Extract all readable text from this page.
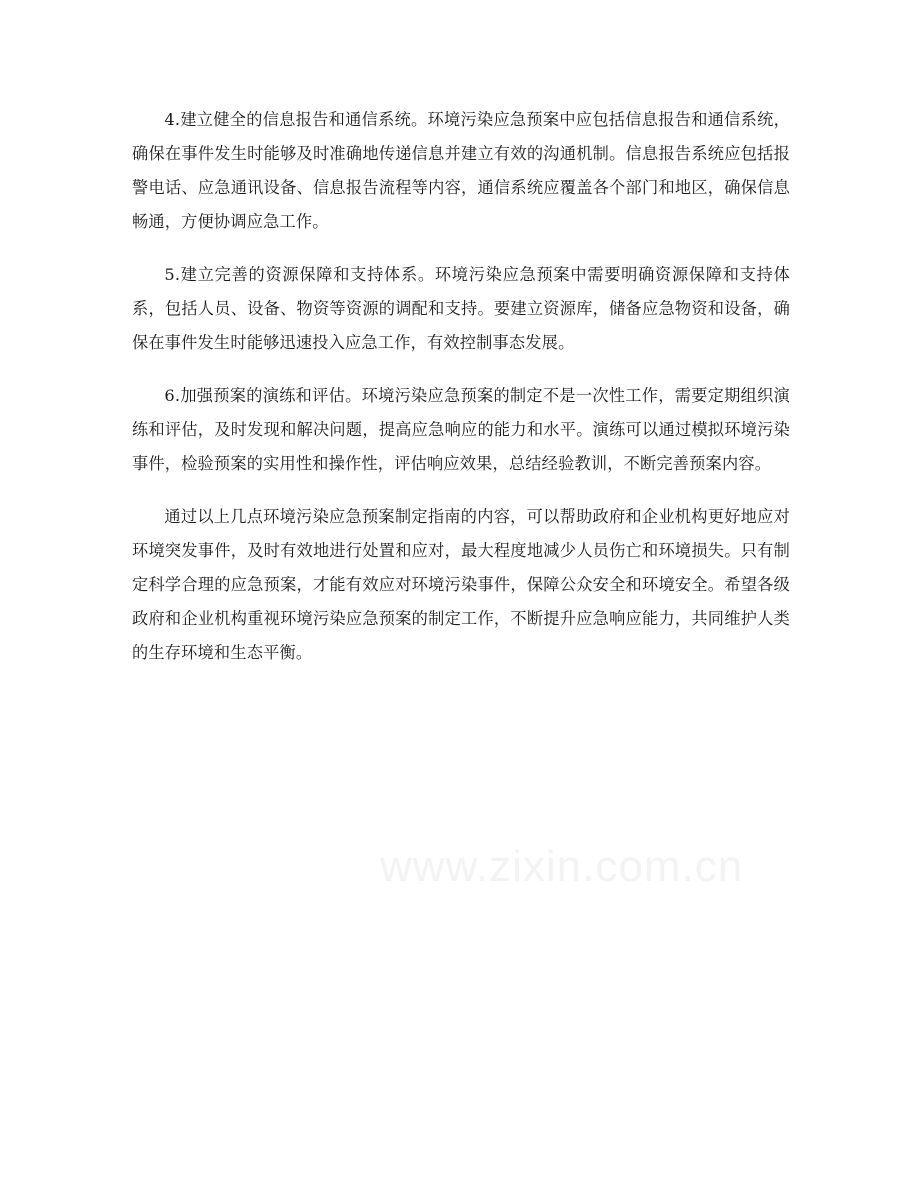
4.建立健全的信息报告和通信系统。环境污染应急预案中应包括信息报告和通信系统，确保在事件发生时能够及时准确地传递信息并建立有效的沟通机制。信息报告系统应包括报警电话、应急通讯设备、信息报告流程等内容，通信系统应覆盖各个部门和地区，确保信息畅通，方便协调应急工作。

5.建立完善的资源保障和支持体系。环境污染应急预案中需要明确资源保障和支持体系，包括人员、设备、物资等资源的调配和支持。要建立资源库，储备应急物资和设备，确保在事件发生时能够迅速投入应急工作，有效控制事态发展。

6.加强预案的演练和评估。环境污染应急预案的制定不是一次性工作，需要定期组织演练和评估，及时发现和解决问题，提高应急响应的能力和水平。演练可以通过模拟环境污染事件，检验预案的实用性和操作性，评估响应效果，总结经验教训，不断完善预案内容。

通过以上几点环境污染应急预案制定指南的内容，可以帮助政府和企业机构更好地应对环境突发事件，及时有效地进行处置和应对，最大程度地减少人员伤亡和环境损失。只有制定科学合理的应急预案，才能有效应对环境污染事件，保障公众安全和环境安全。希望各级政府和企业机构重视环境污染应急预案的制定工作，不断提升应急响应能力，共同维护人类的生存环境和生态平衡。

www.zixin.com.cn
